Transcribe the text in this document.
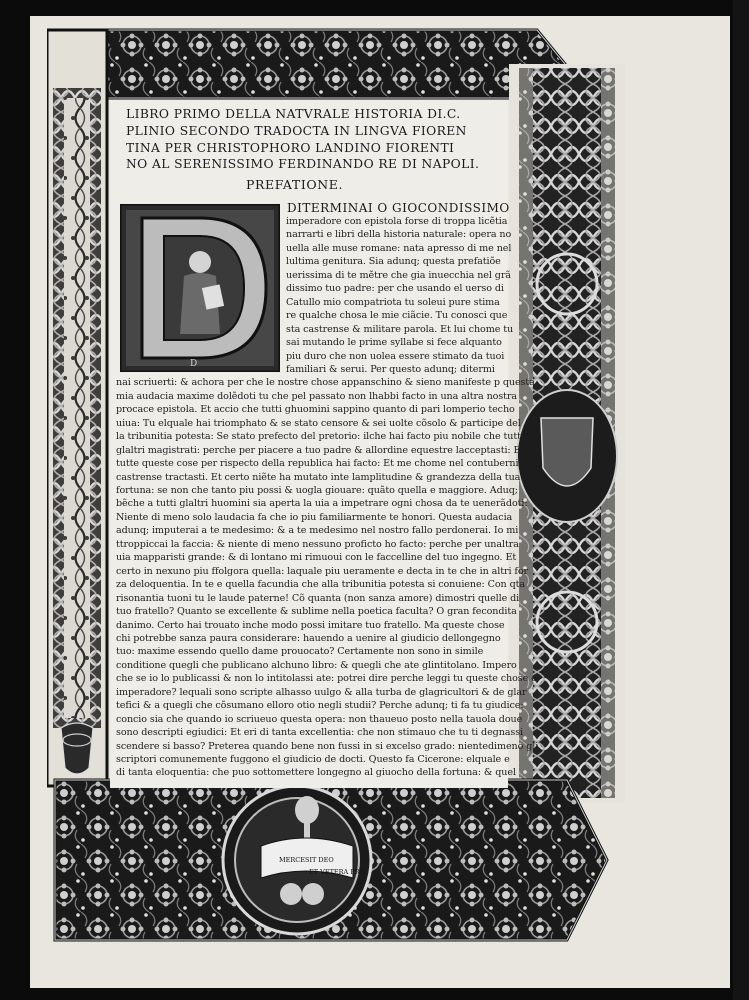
MERCESIT DEO
ET VETERA PRO
LIBRO PRIMO DELLA NATVRALE HISTORIA DI.C.
PLINIO SECONDO TRADOCTA IN LINGVA FIOREN
TINA PER CHRISTOPHORO LANDINO FIORENTI
NO AL SERENISSIMO FERDINANDO RE DI NAPOLI.
PREFATIONE.
D
DITERMINAI O GIOCONDISSIMO
imperadore con epistola forse di troppa licẽtia
narrarti e libri della historia naturale: opera no
uella alle muse romane: nata apresso di me nel
lultima genitura. Sia adunq; questa prefatiõe
uerissima di te mẽtre che gia inuecchia nel grã
dissimo tuo padre: per che usando el uerso di
Catullo mio compatriota tu soleui pure stima
re qualche chosa le mie ciãcie. Tu conosci que
sta castrense & militare parola. Et lui chome tu
sai mutando le prime syllabe si fece alquanto
piu duro che non uolea essere stimato da tuoi
familiari & serui. Per questo adunq; ditermi
nai scriuerti: & achora per che le nostre chose appanschino & sieno manifeste p questa
mia audacia maxime dolẽdoti tu che pel passato non lhabbi facto in una altra nostra
procace epistola. Et accio che tutti ghuomini sappino quanto di pari lomperio techo
uiua: Tu elquale hai triomphato & se stato censore & sei uolte cõsolo & participe del
la tribunitia potesta: Se stato prefecto del pretorio: ilche hai facto piu nobile che tutti
glaltri magistrati: perche per piacere a tuo padre & allordine equestre lacceptasti: Et
tutte queste cose per rispecto della republica hai facto: Et me chome nel contubernio
castrense tractasti. Et certo niẽte ha mutato inte lamplitudine & grandezza della tua
fortuna: se non che tanto piu possi & uogla giouare: quãto quella e maggiore. Aduq;
bẽche a tutti glaltri huomini sia aperta la uia a impetrare ogni chosa da te uenerãdoti:
Niente di meno solo laudacia fa che io piu familiarmente te honori. Questa audacia
adunq; imputerai a te medesimo: & a te medesimo nel nostro fallo perdonerai. Io mi
ttroppiccai la faccia: & niente di meno nessuno proficto ho facto: perche per unaltra
uia mapparisti grande: & di lontano mi rimuoui con le faccelline del tuo ingegno. Et
certo in nexuno piu ffolgora quella: laquale piu ueramente e decta in te che in altri for
za deloquentia. In te e quella facundia che alla tribunitia potesta si conuiene: Con qta
risonantia tuoni tu le laude paterne! Cõ quanta (non sanza amore) dimostri quelle di
tuo fratello? Quanto se excellente & sublime nella poetica faculta? O gran fecondita
danimo. Certo hai trouato inche modo possi imitare tuo fratello. Ma queste chose
chi potrebbe sanza paura considerare: hauendo a uenire al giudicio dellongegno
tuo: maxime essendo quello dame prouocato? Certamente non sono in simile
conditione quegli che publicano alchuno libro: & quegli che ate glintitolano. Impero
che se io lo publicassi & non lo intitolassi ate: potrei dire perche leggi tu queste chose o
imperadore? lequali sono scripte alhasso uulgo & alla turba de glagricultori & de glar
tefici & a quegli che cõsumano elloro otio negli studii? Perche adunq; ti fa tu giudice:
concio sia che quando io scriueuo questa opera: non thaueuo posto nella tauola doue
sono descripti egiudici: Et eri di tanta excellentia: che non stimauo che tu ti degnassi
scendere si basso? Preterea quando bene non fussi in si excelso grado: nientedimeno gli
scriptori comunemente fuggono el giudicio de docti. Questo fa Cicerone: elquale e
di tanta eloquentia: che puo sottomettere longegno al giuocho della fortuna: & quel
